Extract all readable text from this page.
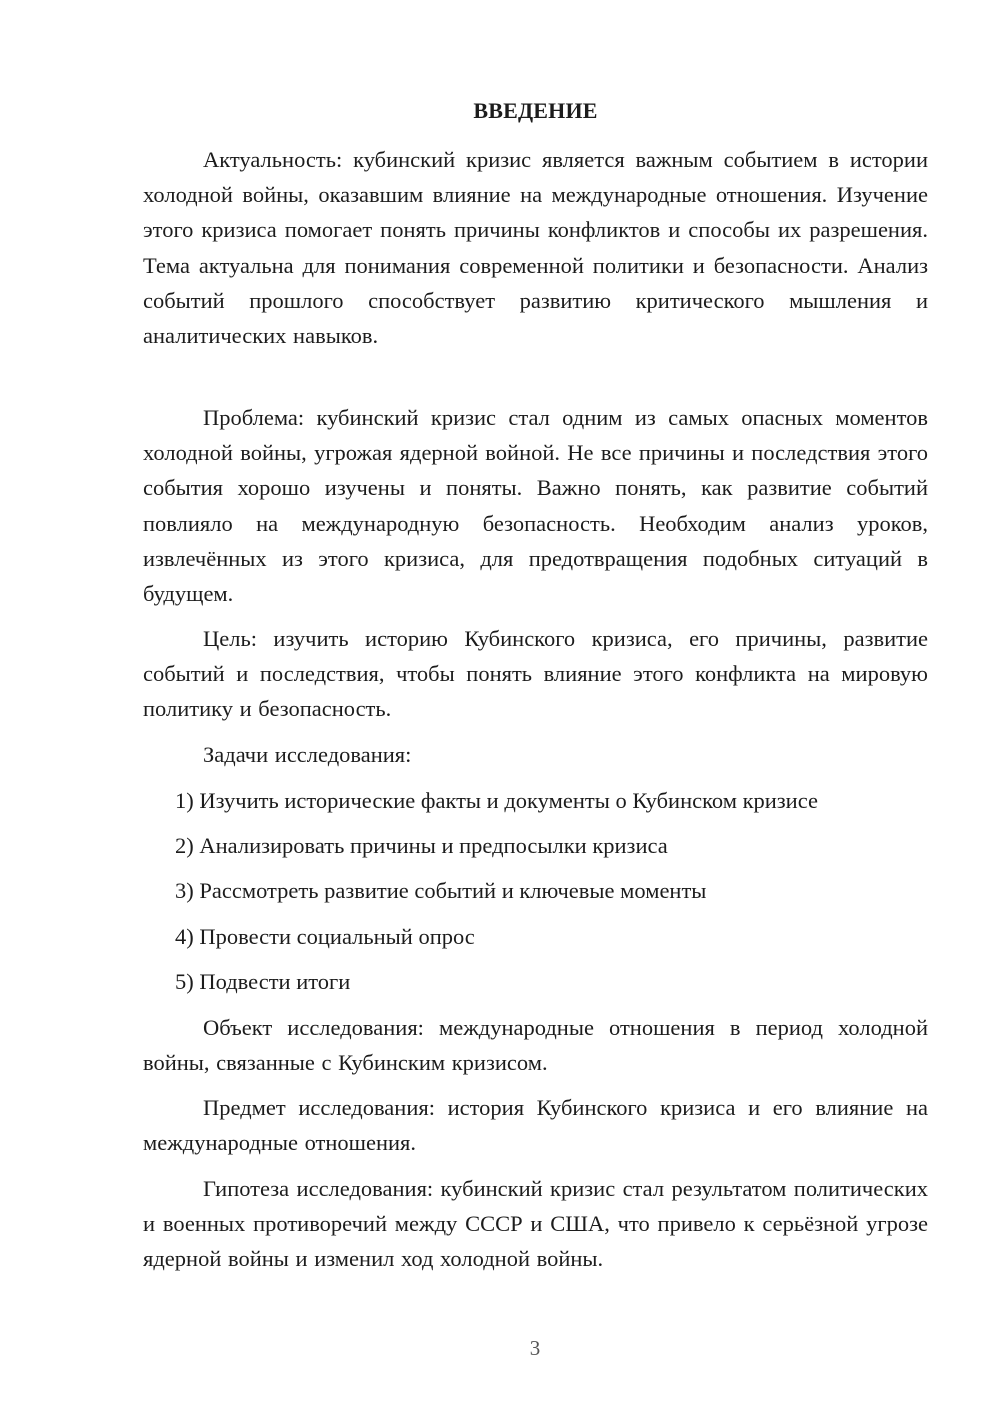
ВВЕДЕНИЕ

Актуальность: кубинский кризис является важным событием в истории холодной войны, оказавшим влияние на международные отношения. Изучение этого кризиса помогает понять причины конфликтов и способы их разрешения. Тема актуальна для понимания современной политики и безопасности. Анализ событий прошлого способствует развитию критического мышления и аналитических навыков.

Проблема: кубинский кризис стал одним из самых опасных моментов холодной войны, угрожая ядерной войной. Не все причины и последствия этого события хорошо изучены и поняты. Важно понять, как развитие событий повлияло на международную безопасность. Необходим анализ уроков, извлечённых из этого кризиса, для предотвращения подобных ситуаций в будущем.

Цель: изучить историю Кубинского кризиса, его причины, развитие событий и последствия, чтобы понять влияние этого конфликта на мировую политику и безопасность.

Задачи исследования:

1) Изучить исторические факты и документы о Кубинском кризисе

2) Анализировать причины и предпосылки кризиса

3) Рассмотреть развитие событий и ключевые моменты

4) Провести социальный опрос

5) Подвести итоги

Объект исследования: международные отношения в период холодной войны, связанные с Кубинским кризисом.

Предмет исследования: история Кубинского кризиса и его влияние на международные отношения.

Гипотеза исследования: кубинский кризис стал результатом политических и военных противоречий между СССР и США, что привело к серьёзной угрозе ядерной войны и изменил ход холодной войны.

3
